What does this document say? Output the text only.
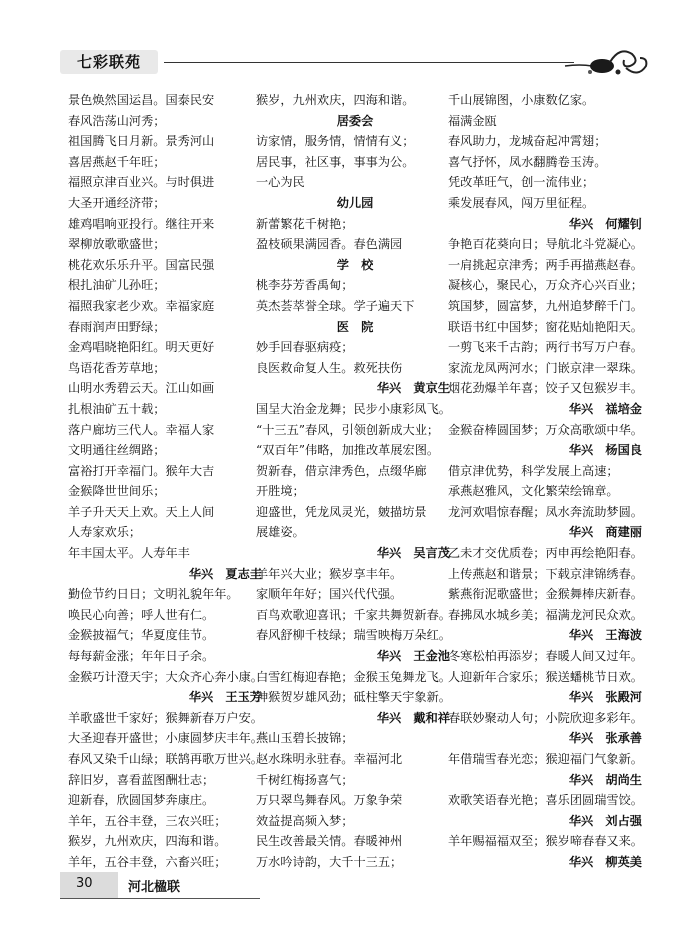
七彩联苑
景色焕然国运昌。国泰民安
春风浩荡山河秀；
祖国腾飞日月新。景秀河山
喜居燕赵千年旺；
福照京津百业兴。与时俱进
大圣开通经济带；
雄鸡唱响亚投行。继往开来
翠柳放歌歌盛世；
桃花欢乐乐升平。国富民强
根扎油矿儿孙旺；
福照我家老少欢。幸福家庭
春雨润声田野绿；
金鸡唱晓艳阳红。明天更好
鸟语花香芳草地；
山明水秀碧云天。江山如画
扎根油矿五十载；
落户廊坊三代人。幸福人家
文明通往丝绸路；
富裕打开幸福门。猴年大吉
金猴降世世间乐；
羊子升天天上欢。天上人间
人寿家欢乐；
年丰国太平。人寿年丰
华兴　夏志圭
勤俭节约日日；文明礼貌年年。
唤民心向善；呼人世有仁。
金猴披福气；华夏度佳节。
每每薪金涨；年年日子余。
金猴巧计澄天宇；大众齐心奔小康。
华兴　王玉芳
羊歌盛世千家好；猴舞新春万户安。
大圣迎春开盛世；小康圆梦庆丰年。
春风又染千山绿；联鹄再歌万世兴。
辞旧岁，喜看蓝图酬壮志；
迎新春，欣圆国梦奔康庄。
羊年，五谷丰登，三农兴旺；
猴岁，九州欢庆，四海和谐。
羊年，五谷丰登，六畜兴旺；
猴岁，九州欢庆，四海和谐。
居委会
访家情，服务情，情情有义；
居民事，社区事，事事为公。
一心为民
幼儿园
新蕾繁花千树艳；
盈枝硕果满园香。春色满园
学　校
桃李芬芳香禹甸；
英杰荟萃誉全球。学子遍天下
医　院
妙手回春驱病疫；
良医救命复人生。救死扶伤
华兴　黄京生
国呈大治金龙舞；民步小康彩凤飞。
“十三五”春风，引领创新成大业；
“双百年”伟略，加推改革展宏图。
贺新春，借京津秀色，点缀华廊
开胜境；
迎盛世，凭龙凤灵光，皴描坊景
展雄姿。
华兴　吴言茂
羊年兴大业；猴岁享丰年。
家顺年年好；国兴代代强。
百鸟欢歌迎喜讯；千家共舞贺新春。
春风舒柳千枝绿；瑞雪映梅万朵红。
华兴　王金池
白雪红梅迎春艳；金猴玉兔舞龙飞。
神猴贺岁雄风劲；砥柱擎天宇象新。
华兴　戴和祥
燕山玉碧长披锦；
赵水珠明永驻春。幸福河北
千树红梅扬喜气；
万只翠鸟舞春风。万象争荣
效益提高频入梦；
民生改善最关情。春暖神州
万水吟诗韵，大千十三五；
千山展锦图，小康数亿家。
福满金瓯
春风助力，龙城奋起冲霄翅；
喜气抒怀，凤水翻腾卷玉涛。
凭改革旺气，创一流伟业；
乘发展春风，闯万里征程。
华兴　何耀钊
争艳百花葵向日；导航北斗党凝心。
一肩挑起京津秀；两手再描燕赵春。
凝核心，聚民心，万众齐心兴百业；
筑国梦，圆富梦，九州追梦醉千门。
联语书红中国梦；窗花贴灿艳阳天。
一剪飞来千古韵；两行书写万户春。
家流龙凤两河水；门嵌京津一翠珠。
烟花劲爆羊年喜；饺子又包猴岁丰。
华兴　禚培金
金猴奋棒圆国梦；万众高歌颂中华。
华兴　杨国良
借京津优势，科学发展上高速；
承燕赵雅风，文化繁荣绘锦章。
龙河欢唱惊春醒；凤水奔流助梦圆。
华兴　商建丽
乙未才交优质卷；丙申再绘艳阳春。
上传燕赵和谐景；下载京津锦绣春。
紫燕衔泥歌盛世；金猴舞棒庆新春。
春拂凤水城乡美；福满龙河民众欢。
华兴　王海波
冬寒松柏再添岁；春暖人间又过年。
人迎新年合家乐；猴送蟠桃节日欢。
华兴　张殿河
春联妙聚动人句；小院欣迎多彩年。
华兴　张承善
年借瑞雪春光恋；猴迎福门气象新。
华兴　胡尚生
欢歌笑语春光艳；喜乐团圆瑞雪饺。
华兴　刘占强
羊年赐福福双至；猴岁啼春春又来。
华兴　柳英美
30	河北楹联
